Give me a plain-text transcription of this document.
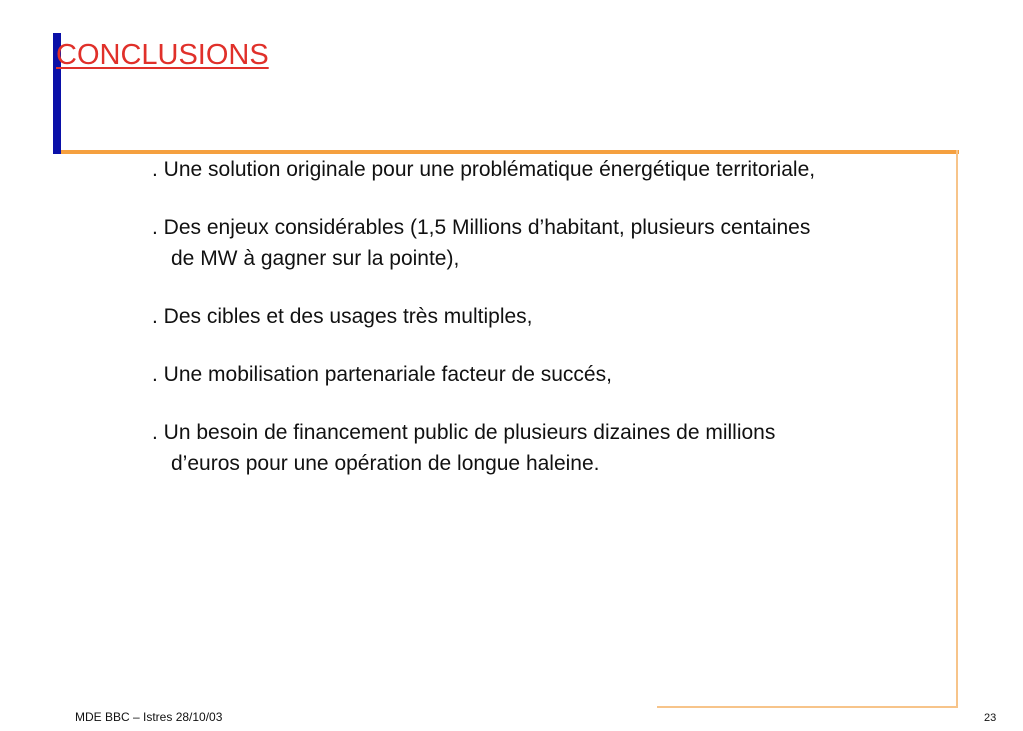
CONCLUSIONS
. Une solution originale pour une problématique énergétique territoriale,
. Des enjeux considérables (1,5 Millions d’habitant, plusieurs centaines de MW à gagner sur la pointe),
. Des cibles et des usages très multiples,
. Une mobilisation partenariale facteur de succés,
. Un besoin de financement public de plusieurs dizaines de millions d’euros pour une opération de longue haleine.
MDE BBC – Istres 28/10/03	23
